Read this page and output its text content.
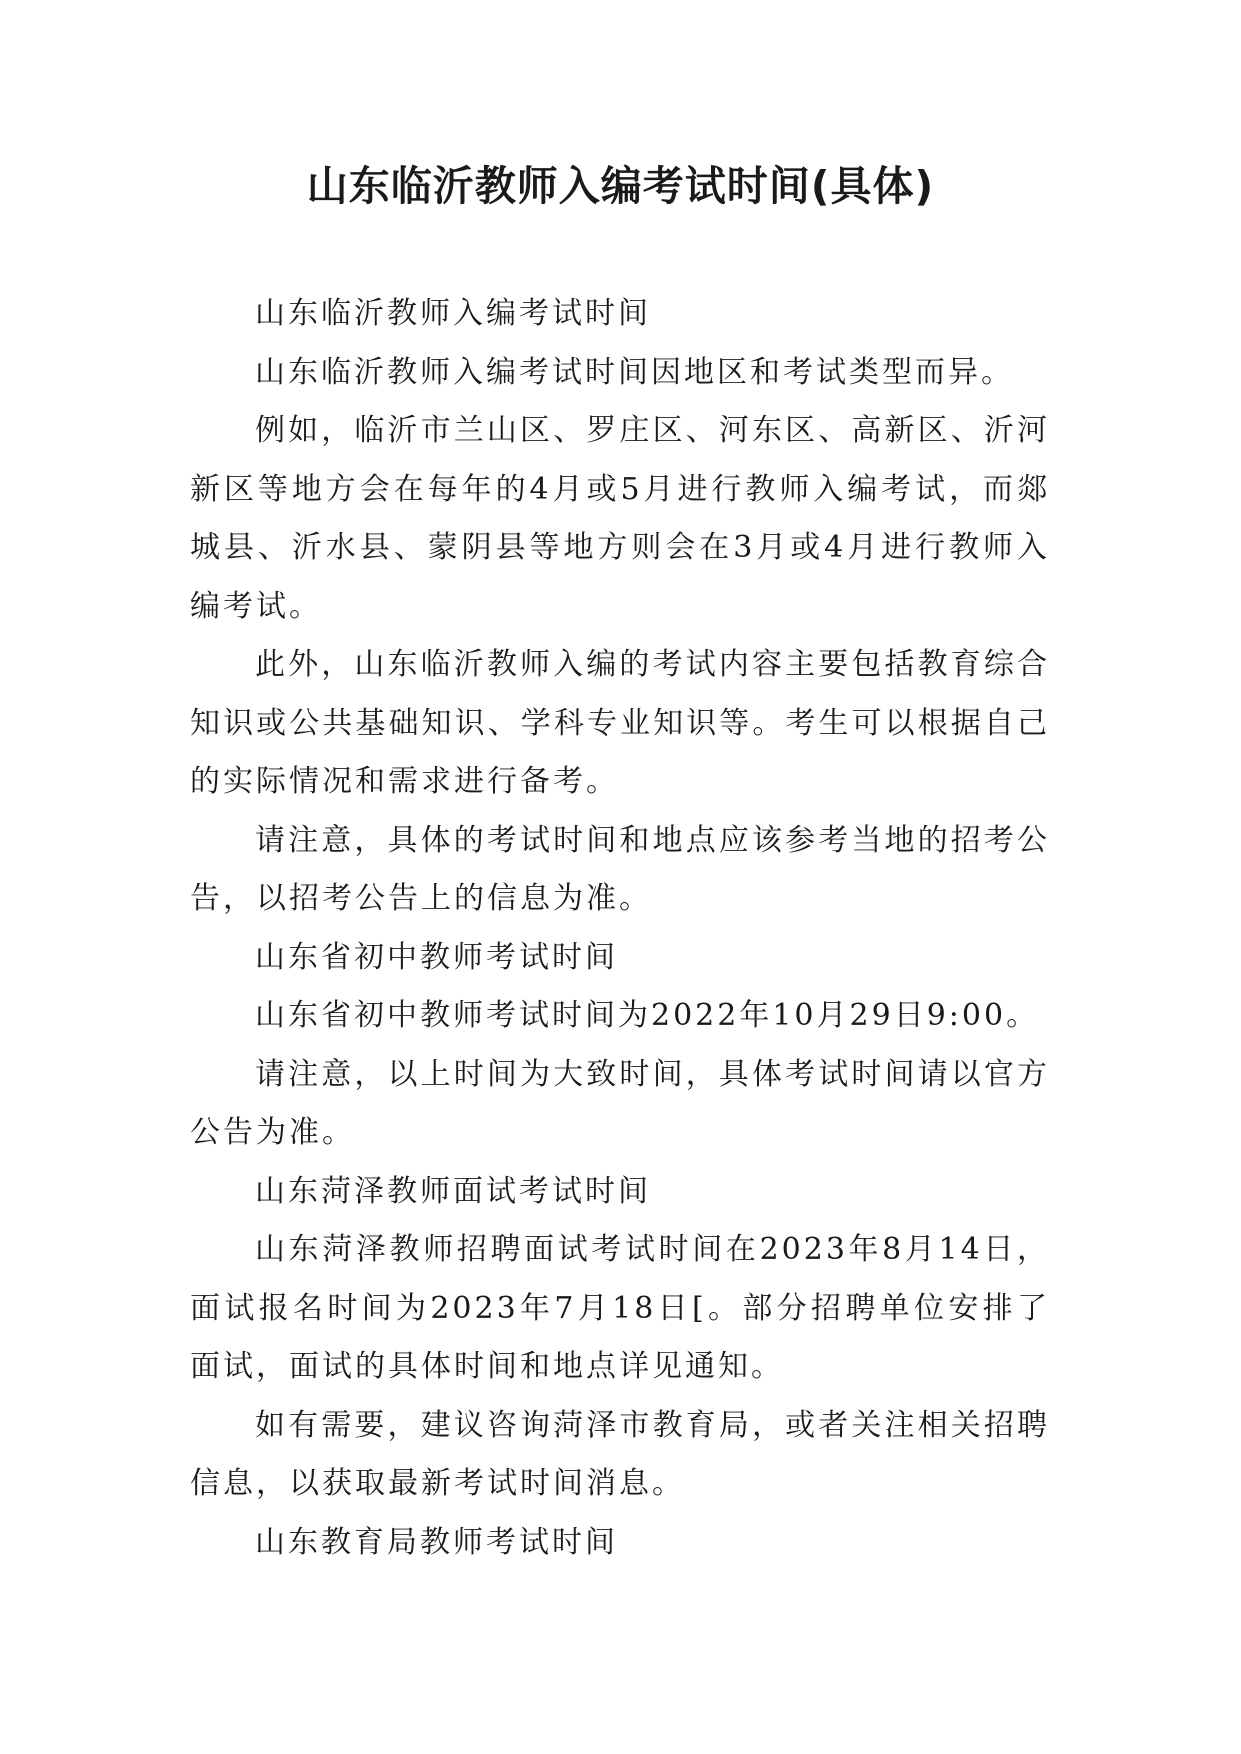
山东临沂教师入编考试时间(具体)

山东临沂教师入编考试时间

山东临沂教师入编考试时间因地区和考试类型而异。

例如，临沂市兰山区、罗庄区、河东区、高新区、沂河新区等地方会在每年的4月或5月进行教师入编考试，而郯城县、沂水县、蒙阴县等地方则会在3月或4月进行教师入编考试。

此外，山东临沂教师入编的考试内容主要包括教育综合知识或公共基础知识、学科专业知识等。考生可以根据自己的实际情况和需求进行备考。

请注意，具体的考试时间和地点应该参考当地的招考公告，以招考公告上的信息为准。

山东省初中教师考试时间

山东省初中教师考试时间为2022年10月29日9:00。

请注意，以上时间为大致时间，具体考试时间请以官方公告为准。

山东菏泽教师面试考试时间

山东菏泽教师招聘面试考试时间在2023年8月14日，面试报名时间为2023年7月18日[。部分招聘单位安排了面试，面试的具体时间和地点详见通知。

如有需要，建议咨询菏泽市教育局，或者关注相关招聘信息，以获取最新考试时间消息。

山东教育局教师考试时间
